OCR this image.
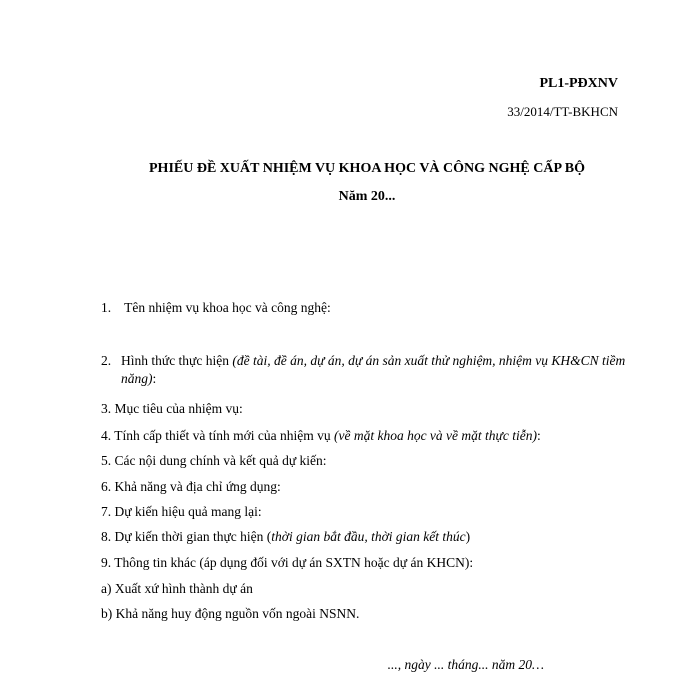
PL1-PĐXNV
33/2014/TT-BKHCN
PHIẾU ĐỀ XUẤT NHIỆM VỤ KHOA HỌC VÀ CÔNG NGHỆ CẤP BỘ
Năm 20...
1. Tên nhiệm vụ khoa học và công nghệ:
2. Hình thức thực hiện (đề tài, đề án, dự án, dự án sản xuất thử nghiệm, nhiệm vụ KH&CN tiềm năng):
3. Mục tiêu của nhiệm vụ:
4. Tính cấp thiết và tính mới của nhiệm vụ (về mặt khoa học và về mặt thực tiễn):
5. Các nội dung chính và kết quả dự kiến:
6. Khả năng và địa chỉ ứng dụng:
7. Dự kiến hiệu quả mang lại:
8. Dự kiến thời gian thực hiện (thời gian bắt đầu, thời gian kết thúc)
9. Thông tin khác (áp dụng đối với dự án SXTN hoặc dự án KHCN):
a) Xuất xứ hình thành dự án
b) Khả năng huy động nguồn vốn ngoài NSNN.
..., ngày ... tháng... năm 20…
